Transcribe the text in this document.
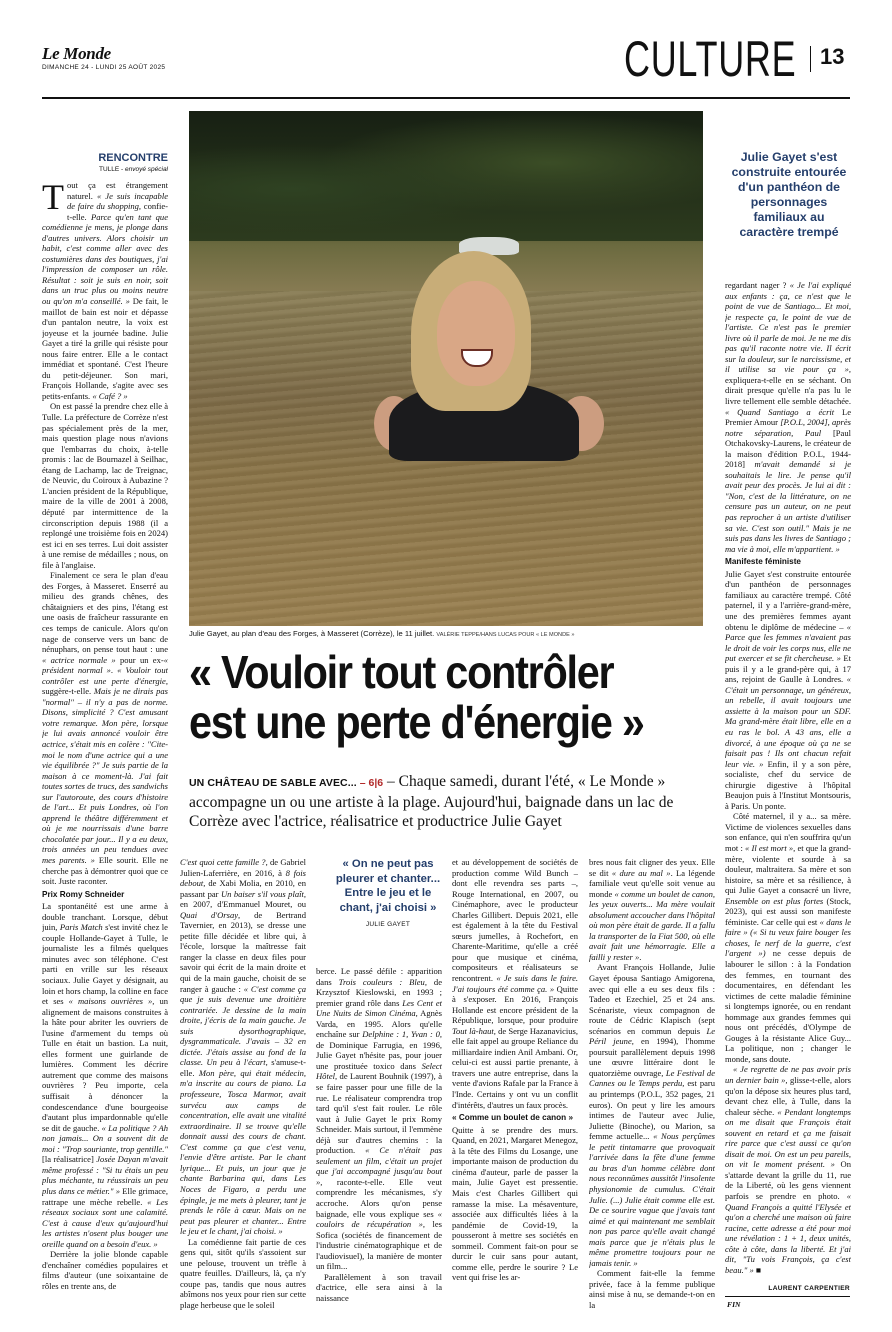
Le Monde
DIMANCHE 24 - LUNDI 25 AOÛT 2025	CULTURE 13
RENCONTRE
TULLE - envoyé spécial
Julie Gayet, au plan d'eau des Forges, à Masseret (Corrèze), le 11 juillet. VALÉRIE TEPPE/HANS LUCAS POUR « LE MONDE »
« Vouloir tout contrôler
est une perte d'énergie »
UN CHÂTEAU DE SABLE AVEC... – 6|6 – Chaque samedi, durant l'été, « Le Monde » accompagne un ou une artiste à la plage. Aujourd'hui, baignade dans un lac de Corrèze avec l'actrice, réalisatrice et productrice Julie Gayet
Julie Gayet s'est construite entourée d'un panthéon de personnages familiaux au caractère trempé
« On ne peut pas pleurer et chanter... Entre le jeu et le chant, j'ai choisi »
JULIE GAYET

Tout ça est étrangement naturel. « Je suis incapable de faire du shopping, confie-t-elle. Parce qu'en tant que comédienne je mens, je plonge dans d'autres univers. Alors choisir un habit, c'est comme aller avec des costumières dans des boutiques, j'ai l'impression de composer un rôle. Résultat : soit je suis en noir, soit dans un truc plus ou moins neutre ou qu'on m'a conseillé. » De fait, le maillot de bain est noir et dépasse d'un pantalon neutre, la voix est joyeuse et la journée badine. Julie Gayet a tiré la grille qui résiste pour nous faire entrer. Elle a le contact immédiat et spontané. C'est l'heure du petit-déjeuner. Son mari, François Hollande, s'agite avec ses petits-enfants. « Café ? »

On est passé la prendre chez elle à Tulle. La préfecture de Corrèze n'est pas spécialement près de la mer, mais question plage nous n'avions que l'embarras du choix, à-telle promis : lac de Bournazel à Seilhac, étang de Lachamp, lac de Treignac, de Neuvic, du Coiroux à Aubazine ? L'ancien président de la République, maire de la ville de 2001 à 2008, député par intermittence de la circonscription depuis 1988 (il a replongé une troisième fois en 2024) est ici en ses terres. Lui doit assister à une remise de médailles ; nous, on file à l'anglaise.

Finalement ce sera le plan d'eau des Forges, à Masseret. Enserré au milieu des grands chênes, des châtaigniers et des pins, l'étang est une oasis de fraîcheur rassurante en ces temps de canicule. Alors qu'on nage de conserve vers un banc de nénuphars, on pense tout haut : une « actrice normale » pour un ex-« président normal ». « Vouloir tout contrôler est une perte d'énergie, suggère-t-elle. Mais je ne dirais pas "normal" – il n'y a pas de norme. Disons, simplicité ? C'est amusant votre remarque. Mon père, lorsque je lui avais annoncé vouloir être actrice, s'était mis en colère : "Cite-moi le nom d'une actrice qui a une vie équilibrée ?" Je suis partie de la maison à ce moment-là. J'ai fait toutes sortes de trucs, des sandwichs sur l'autoroute, des cours d'histoire de l'art... Et puis Londres, où l'on apprend le théâtre différemment et où je me nourrissais d'une barre chocolatée par jour... Il y a eu deux, trois années un peu tendues avec mes parents. » Elle sourit. Elle ne cherche pas à démontrer quoi que ce soit. Juste raconter.

Prix Romy Schneider

La spontanéité est une arme à double tranchant. Lorsque, début juin, Paris Match s'est invité chez le couple Hollande-Gayet à Tulle, le journaliste les a filmés quelques minutes avec son téléphone. C'est parti en vrille sur les réseaux sociaux. Julie Gayet y désignait, au loin et hors champ, la colline en face et ses « maisons ouvrières », un alignement de maisons construites à la hâte pour abriter les ouvriers de l'usine d'armement du temps où Tulle en était un bastion. La nuit, elles forment une guirlande de lumières. Comment les décrire autrement que comme des maisons ouvrières ? Peu importe, cela suffisait à dénoncer la condescendance d'une bourgeoise d'autant plus impardonnable qu'elle se dit de gauche. « La politique ? Ah non jamais... On a souvent dit de moi : "Trop souriante, trop gentille." [la réalisatrice] Josée Dayan m'avait même professé : "Si tu étais un peu plus méchante, tu réussirais un peu plus dans ce métier." » Elle grimace, rattrape une mèche rebelle. « Les réseaux sociaux sont une calamité. C'est à cause d'eux qu'aujourd'hui les artistes n'osent plus bouger une oreille quand on a besoin d'eux. »

Derrière la jolie blonde capable d'enchaîner comédies populaires et films d'auteur (une soixantaine de rôles en trente ans, de

C'est quoi cette famille ?, de Gabriel Julien-Laferrière, en 2016, à 8 fois debout, de Xabi Molia, en 2010, en passant par Un baiser s'il vous plaît, en 2007, d'Emmanuel Mouret, ou Quai d'Orsay, de Bertrand Tavernier, en 2013), se dresse une petite fille décidée et libre qui, à l'école, lorsque la maîtresse fait ranger la classe en deux files pour savoir qui écrit de la main droite et qui de la main gauche, choisit de se ranger à gauche : « C'est comme ça que je suis devenue une droitière contrariée. Je dessine de la main droite, j'écris de la main gauche. Je suis dysorthographique, dysgrammaticale. J'avais – 32 en dictée. J'étais assise au fond de la classe. Un peu à l'écart, s'amuse-t-elle. Mon père, qui était médecin, m'a inscrite au cours de piano. La professeure, Tosca Marmor, avait survécu aux camps de concentration, elle avait une vitalité extraordinaire. Il se trouve qu'elle donnait aussi des cours de chant. C'est comme ça que c'est venu, l'envie d'être artiste. Par le chant lyrique... Et puis, un jour que je chante Barbarina qui, dans Les Noces de Figaro, a perdu une épingle, je me mets à pleurer, tant je prends le rôle à cœur. Mais on ne peut pas pleurer et chanter... Entre le jeu et le chant, j'ai choisi. »

La comédienne fait partie de ces gens qui, sitôt qu'ils s'assoient sur une pelouse, trouvent un trèfle à quatre feuilles. D'ailleurs, là, ça n'y coupe pas, tandis que nous autres abîmons nos yeux pour rien sur cette plage herbeuse que le soleil

berce. Le passé défile : apparition dans Trois couleurs : Bleu, de Krzysztof Kieslowski, en 1993 ; premier grand rôle dans Les Cent et Une Nuits de Simon Cinéma, Agnès Varda, en 1995. Alors qu'elle enchaîne sur Delphine : 1, Yvan : 0, de Dominique Farrugia, en 1996, Julie Gayet n'hésite pas, pour jouer une prostituée toxico dans Select Hôtel, de Laurent Bouhnik (1997), à se faire passer pour une fille de la rue. Le réalisateur comprendra trop tard qu'il s'est fait rouler. Le rôle vaut à Julie Gayet le prix Romy Schneider. Mais surtout, il l'emmène déjà sur d'autres chemins : la production. « Ce n'était pas seulement un film, c'était un projet que j'ai accompagné jusqu'au bout », raconte-t-elle. Elle veut comprendre les mécanismes, s'y accroche. Alors qu'on pense baignade, elle vous explique ses « couloirs de récupération », les Sofica (sociétés de financement de l'industrie cinématographique et de l'audiovisuel), la manière de monter un film...

Parallèlement à son travail d'actrice, elle sera ainsi à la naissance

et au développement de sociétés de production comme Wild Bunch – dont elle revendra ses parts –, Rouge International, en 2007, ou Cinémaphore, avec le producteur Charles Gillibert. Depuis 2021, elle est également à la tête du Festival sœurs jumelles, à Rochefort, en Charente-Maritime, qu'elle a créé pour que musique et cinéma, compositeurs et réalisateurs se rencontrent. « Je suis dans le faire. J'ai toujours été comme ça. » Quitte à s'exposer. En 2016, François Hollande est encore président de la République, lorsque, pour produire Tout là-haut, de Serge Hazanavicius, elle fait appel au groupe Reliance du milliardaire indien Anil Ambani. Or, celui-ci est aussi partie prenante, à travers une autre entreprise, dans la vente d'avions Rafale par la France à l'Inde. Certains y ont vu un conflit d'intérêts, d'autres un faux procès.

« Comme un boulet de canon »

Quitte à se prendre des murs. Quand, en 2021, Margaret Menegoz, à la tête des Films du Losange, une importante maison de production du cinéma d'auteur, parle de passer la main, Julie Gayet est pressentie. Mais c'est Charles Gillibert qui ramasse la mise. La mésaventure, associée aux difficultés liées à la pandémie de Covid-19, la pousseront à mettre ses sociétés en sommeil. Comment fait-on pour se durcir le cuir sans pour autant, comme elle, perdre le sourire ? Le vent qui frise les ar-

bres nous fait cligner des yeux. Elle se dit « dure au mal ». La légende familiale veut qu'elle soit venue au monde « comme un boulet de canon, les yeux ouverts... Ma mère voulait absolument accoucher dans l'hôpital où mon père était de garde. Il a fallu la transporter de la Fiat 500, où elle avait fait une hémorragie. Elle a failli y rester ».

Avant François Hollande, Julie Gayet épousa Santiago Amigorena, avec qui elle a eu ses deux fils : Tadeo et Ezechiel, 25 et 24 ans. Scénariste, vieux compagnon de route de Cédric Klapisch (sept scénarios en commun depuis Le Péril jeune, en 1994), l'homme poursuit parallèlement depuis 1998 une œuvre littéraire dont le quatorzième ouvrage, Le Festival de Cannes ou le Temps perdu, est paru au printemps (P.O.L, 352 pages, 21 euros). On peut y lire les amours intimes de l'auteur avec Julie, Juliette (Binoche), ou Marion, sa femme actuelle... « Nous perçûmes le petit tintamarre que provoquait l'arrivée dans la fête d'une femme au bras d'un homme célèbre dont nous reconnûmes aussitôt l'insolente physionomie de cumulus. C'était Julie. (...) Julie était comme elle est. De ce sourire vague que j'avais tant aimé et qui maintenant me semblait non pas parce qu'elle avait changé mais parce que je n'étais plus le même promettre toujours pour ne jamais tenir. »

Comment fait-elle la femme privée, face à la femme publique ainsi mise à nu, se demande-t-on en la

regardant nager ? « Je l'ai expliqué aux enfants : ça, ce n'est que le point de vue de Santiago... Et moi, je respecte ça, le point de vue de l'artiste. Ce n'est pas le premier livre où il parle de moi. Je ne me dis pas qu'il raconte notre vie. Il écrit sur la douleur, sur le narcissisme, et il utilise sa vie pour ça », expliquera-t-elle en se séchant. On dirait presque qu'elle n'a pas lu le livre tellement elle semble détachée. « Quand Santiago a écrit Le Premier Amour [P.O.L, 2004], après notre séparation, Paul [Paul Otchakovsky-Laurens, le créateur de la maison d'édition P.O.L, 1944-2018] m'avait demandé si je souhaitais le lire. Je pense qu'il avait peur des procès. Je lui ai dit : "Non, c'est de la littérature, on ne censure pas un auteur, on ne peut pas reprocher à un artiste d'utiliser sa vie. C'est son outil." Mais je ne suis pas dans les livres de Santiago ; ma vie à moi, elle m'appartient. »

Manifeste féministe

Julie Gayet s'est construite entourée d'un panthéon de personnages familiaux au caractère trempé. Côté paternel, il y a l'arrière-grand-mère, une des premières femmes ayant obtenu le diplôme de médecine – « Parce que les femmes n'avaient pas le droit de voir les corps nus, elle ne put exercer et se fit chercheuse. » Et puis il y a le grand-père qui, à 17 ans, rejoint de Gaulle à Londres. « C'était un personnage, un généreux, un rebelle, il avait toujours une assiette à la maison pour un SDF. Ma grand-mère était libre, elle en a eu ras le bol. A 43 ans, elle a divorcé, à une époque où ça ne se faisait pas ! Ils ont chacun refait leur vie. » Enfin, il y a son père, socialiste, chef du service de chirurgie digestive à l'hôpital Beaujon puis à l'Institut Montsouris, à Paris. Un ponte.

Côté maternel, il y a... sa mère. Victime de violences sexuelles dans son enfance, qui n'en souffrira qu'un mot : « Il est mort », et que la grand-mère, violente et sourde à sa douleur, maltraitera. Sa mère et son histoire, sa mère et sa résilience, à qui Julie Gayet a consacré un livre, Ensemble on est plus fortes (Stock, 2023), qui est aussi son manifeste féministe. Car celle qui est « dans le faire » (« Si tu veux faire bouger les choses, le nerf de la guerre, c'est l'argent ») ne cesse depuis de labourer le sillon : à la Fondation des femmes, en tournant des documentaires, en défendant les victimes de cette maladie féminine si longtemps ignorée, ou en rendant hommage aux grandes femmes qui nous ont précédés, d'Olympe de Gouges à la résistante Alice Guy... La politique, non ; changer le monde, sans doute.

« Je regrette de ne pas avoir pris un dernier bain », glisse-t-elle, alors qu'on la dépose six heures plus tard, devant chez elle, à Tulle, dans la chaleur sèche. « Pendant longtemps on me disait que François était souvent en retard et ça me faisait rire parce que c'est aussi ce qu'on disait de moi. On est un peu pareils, on vit le moment présent. » On s'attarde devant la grille du 11, rue de la Liberté, où les gens viennent parfois se prendre en photo. « Quand François a quitté l'Elysée et qu'on a cherché une maison où faire racine, cette adresse a été pour moi une révélation : 1 + 1, deux unités, côte à côte, dans la liberté. Et j'ai dit, "Tu vois François, ça c'est beau." » ■

LAURENT CARPENTIER
FIN
